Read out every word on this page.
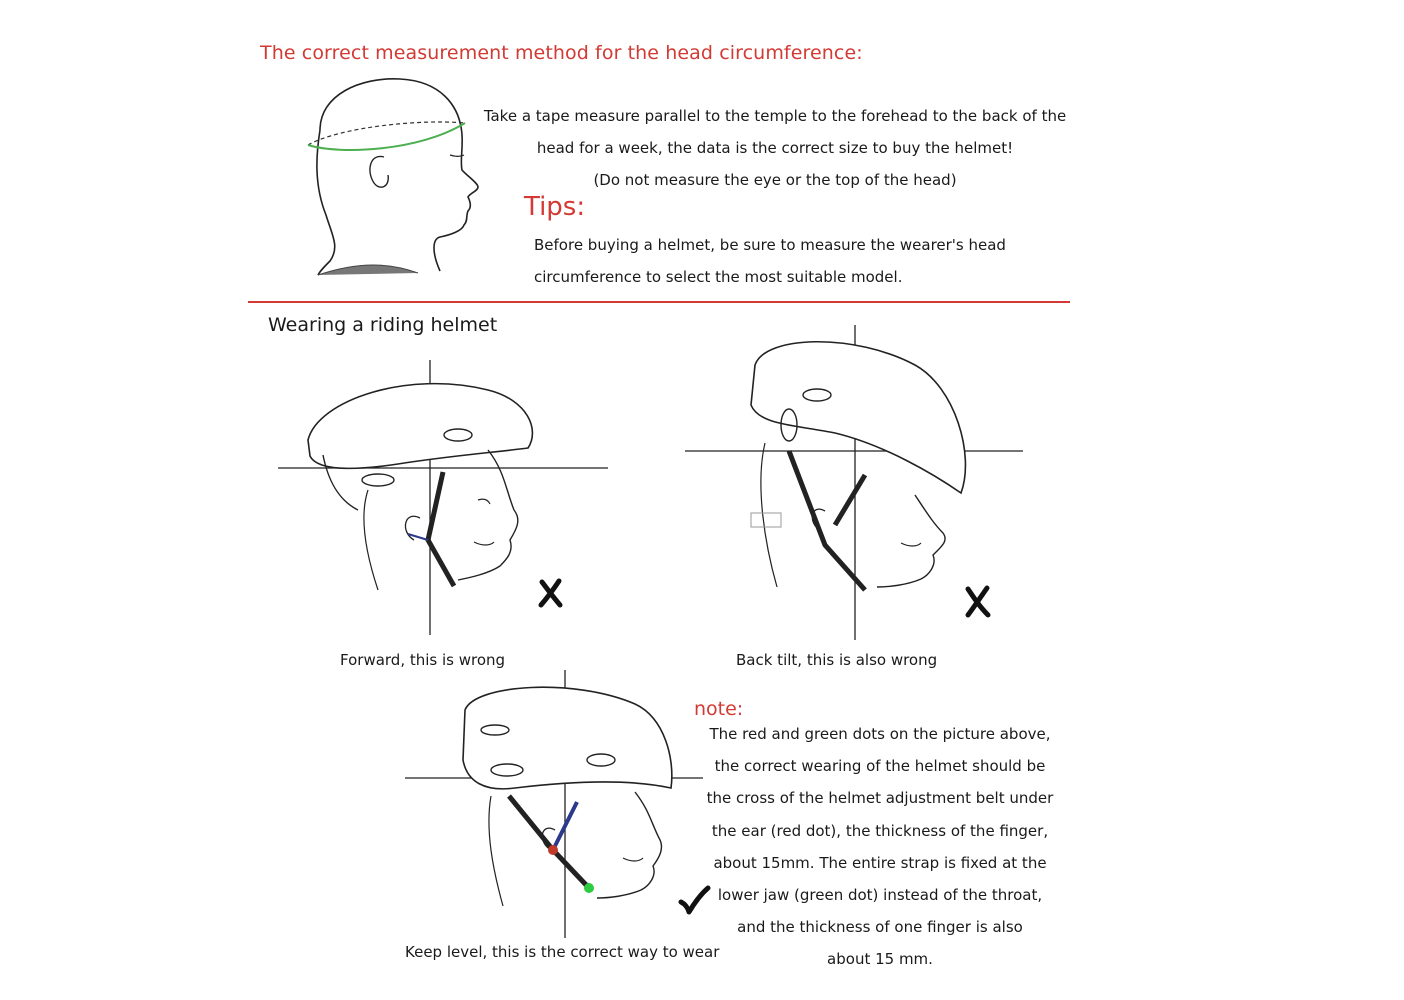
The correct measurement method for the head circumference:
Take a tape measure parallel to the temple to the forehead to the back of the
head for a week, the data is the correct size to buy the helmet!
(Do not measure the eye or the top of the head)
Tips:
Before buying a helmet, be sure to measure the wearer's head
circumference to select the most suitable model.
Wearing a riding helmet
Forward, this is wrong	Back tilt, this is also wrong
Keep level, this is the correct way to wear
note:
The red and green dots on the picture above,
the correct wearing of the helmet should be
the cross of the helmet adjustment belt under
the ear (red dot), the thickness of the finger,
about 15mm. The entire strap is fixed at the
lower jaw (green dot) instead of the throat,
and the thickness of one finger is also
about 15 mm.
